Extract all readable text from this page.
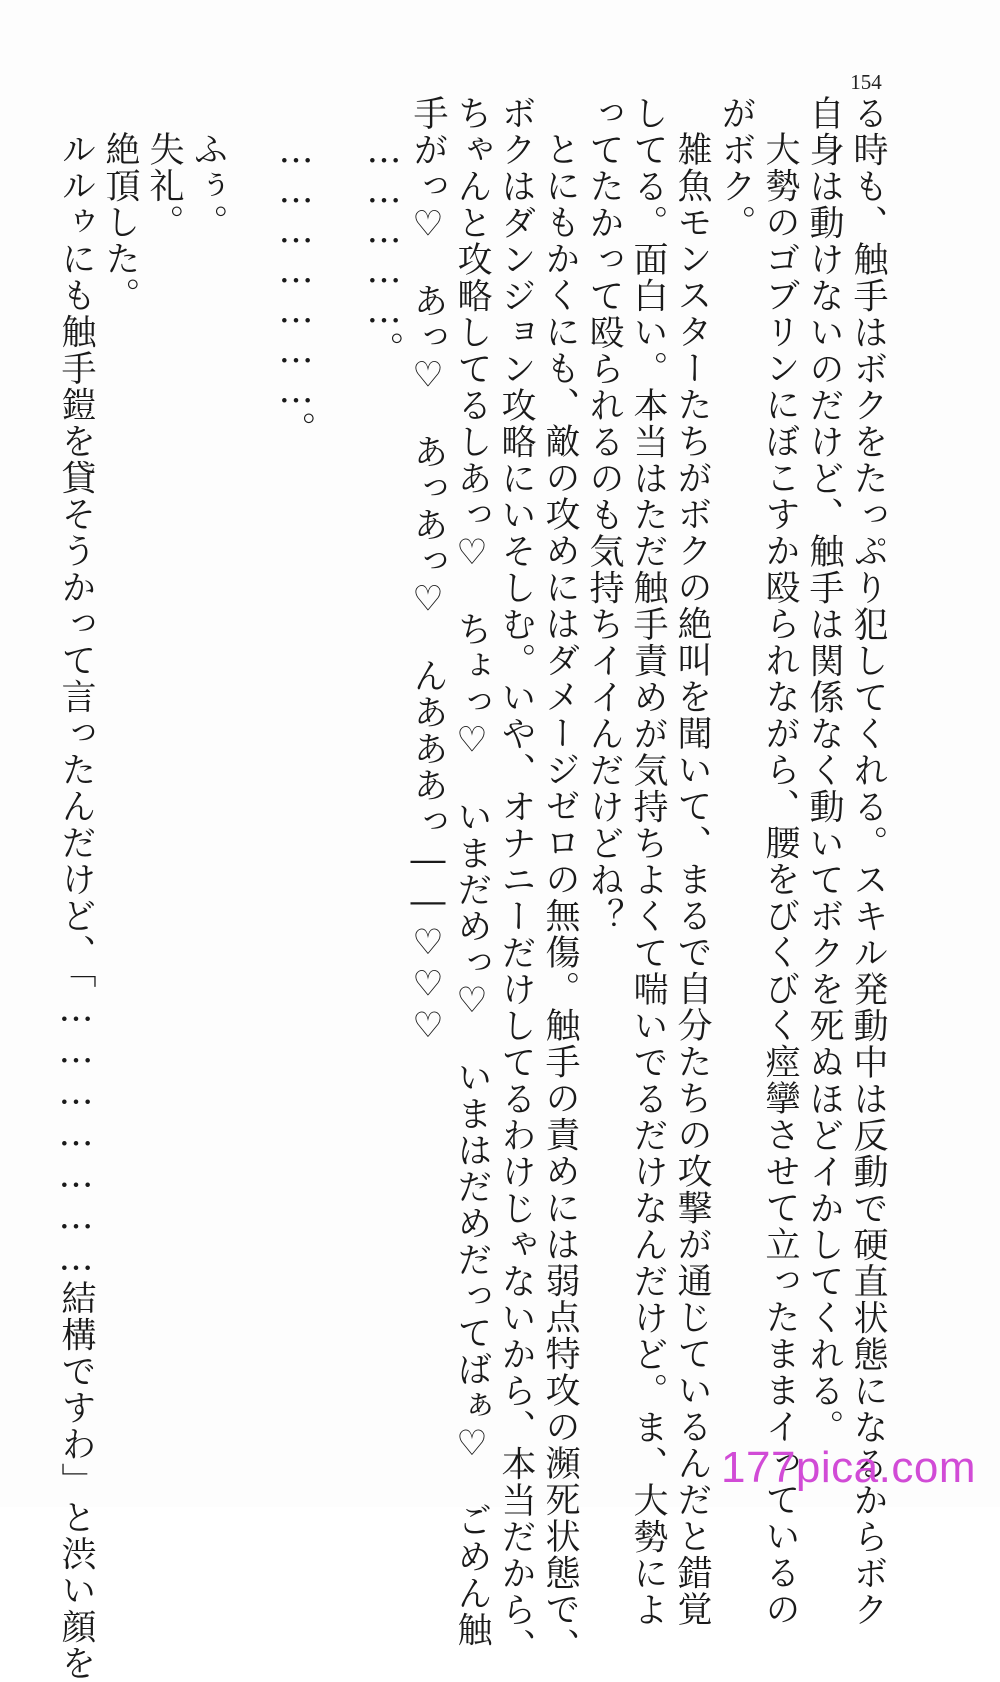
154

る時も、触手はボクをたっぷり犯してくれる。スキル発動中は反動で硬直状態になるからボク

自身は動けないのだけど、触手は関係なく動いてボクを死ぬほどイかしてくれる。

大勢のゴブリンにぼこすか殴られながら、腰をびくびく痙攣させて立ったままイっているの

がボク。

雑魚モンスターたちがボクの絶叫を聞いて、まるで自分たちの攻撃が通じているんだと錯覚

してる。面白い。本当はただ触手責めが気持ちよくて喘いでるだけなんだけど。ま、大勢によ

ってたかって殴られるのも気持ちイイんだけどね？

とにもかくにも、敵の攻めにはダメージゼロの無傷。触手の責めには弱点特攻の瀕死状態で、

ボクはダンジョン攻略にいそしむ。いや、オナニーだけしてるわけじゃないから、本当だから、

ちゃんと攻略してるしあっ♡　ちょっ♡　いまだめっ♡　いまはだめだってばぁ♡　ごめん触

手がっ♡　あっ♡　あっあっ♡　んあああっ――♡♡♡

……………。

…………………。

ふぅ。

失礼。

絶頂した。

ルルゥにも触手鎧を貸そうかって言ったんだけど、「…………………結構ですわ」と渋い顔を	177pica.com
